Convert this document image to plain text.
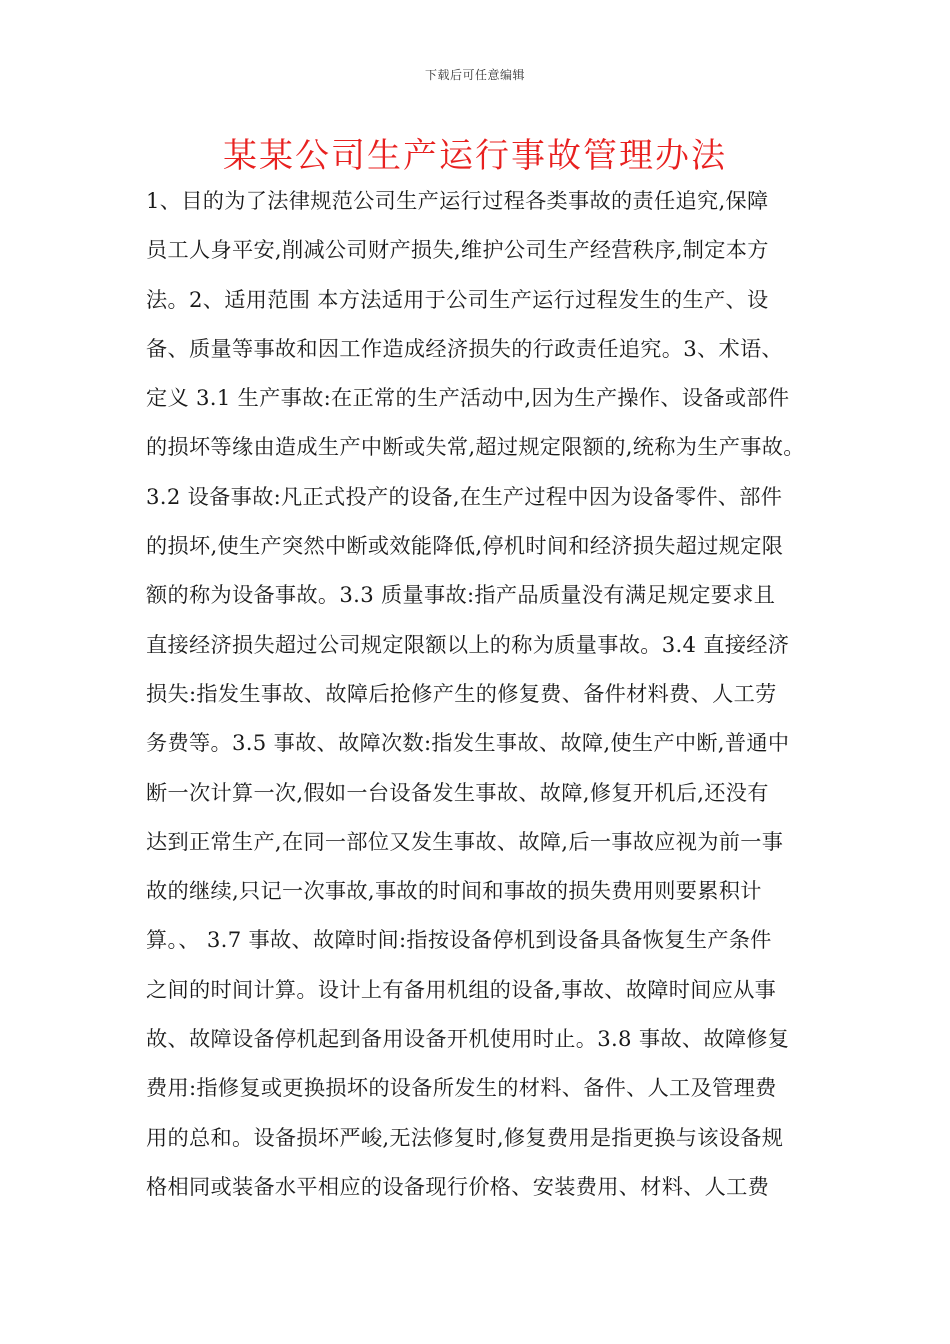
下载后可任意编辑
某某公司生产运行事故管理办法
1、目的为了法律规范公司生产运行过程各类事故的责任追究,保障
员工人身平安,削减公司财产损失,维护公司生产经营秩序,制定本方
法。2、适用范围 本方法适用于公司生产运行过程发生的生产、设
备、质量等事故和因工作造成经济损失的行政责任追究。3、术语、
定义 3.1 生产事故:在正常的生产活动中,因为生产操作、设备或部件
的损坏等缘由造成生产中断或失常,超过规定限额的,统称为生产事故。
3.2 设备事故:凡正式投产的设备,在生产过程中因为设备零件、部件
的损坏,使生产突然中断或效能降低,停机时间和经济损失超过规定限
额的称为设备事故。3.3 质量事故:指产品质量没有满足规定要求且
直接经济损失超过公司规定限额以上的称为质量事故。3.4 直接经济
损失:指发生事故、故障后抢修产生的修复费、备件材料费、人工劳
务费等。3.5 事故、故障次数:指发生事故、故障,使生产中断,普通中
断一次计算一次,假如一台设备发生事故、故障,修复开机后,还没有
达到正常生产,在同一部位又发生事故、故障,后一事故应视为前一事
故的继续,只记一次事故,事故的时间和事故的损失费用则要累积计
算。、 3.7 事故、故障时间:指按设备停机到设备具备恢复生产条件
之间的时间计算。设计上有备用机组的设备,事故、故障时间应从事
故、故障设备停机起到备用设备开机使用时止。3.8 事故、故障修复
费用:指修复或更换损坏的设备所发生的材料、备件、人工及管理费
用的总和。设备损坏严峻,无法修复时,修复费用是指更换与该设备规
格相同或装备水平相应的设备现行价格、安装费用、材料、人工费
